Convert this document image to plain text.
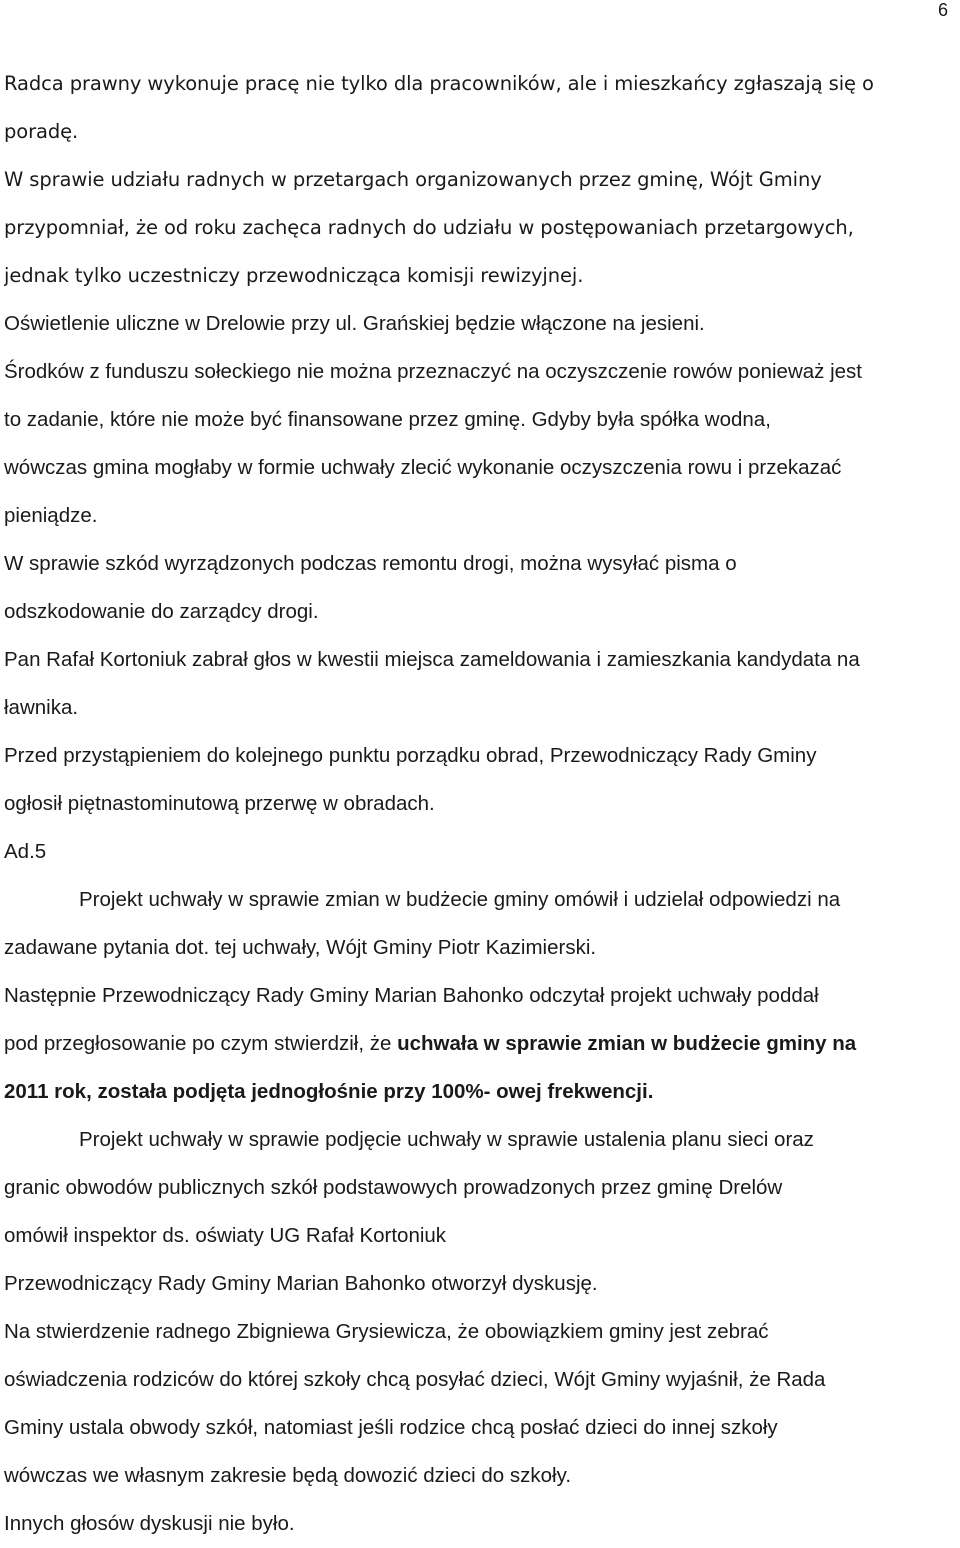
6
Radca prawny wykonuje pracę nie tylko dla pracowników, ale i mieszkańcy zgłaszają się o
poradę.
W sprawie udziału radnych w przetargach organizowanych przez gminę, Wójt Gminy
przypomniał, że od roku zachęca radnych do udziału w postępowaniach przetargowych,
jednak tylko uczestniczy przewodnicząca komisji rewizyjnej.
Oświetlenie uliczne w Drelowie przy ul. Grańskiej będzie włączone na jesieni.
Środków z funduszu sołeckiego nie można przeznaczyć na oczyszczenie rowów ponieważ jest
to zadanie, które nie może być finansowane przez gminę. Gdyby była spółka wodna,
wówczas gmina mogłaby w formie uchwały zlecić wykonanie oczyszczenia rowu i przekazać
pieniądze.
W sprawie szkód wyrządzonych podczas remontu drogi, można wysyłać pisma o
odszkodowanie do zarządcy drogi.
Pan Rafał Kortoniuk zabrał głos w kwestii miejsca zameldowania i zamieszkania kandydata na
ławnika.
Przed przystąpieniem do kolejnego punktu porządku obrad, Przewodniczący Rady Gminy
ogłosił piętnastominutową przerwę w obradach.
Ad.5
Projekt uchwały w sprawie zmian w budżecie gminy omówił i udzielał odpowiedzi na
zadawane pytania dot. tej uchwały, Wójt Gminy Piotr Kazimierski.
Następnie Przewodniczący Rady Gminy Marian Bahonko odczytał projekt uchwały poddał
pod przegłosowanie po czym stwierdził, że uchwała w sprawie zmian w budżecie gminy na
2011 rok, została podjęta jednogłośnie przy 100%- owej frekwencji.
Projekt uchwały w sprawie podjęcie uchwały w sprawie ustalenia planu sieci oraz
granic obwodów publicznych szkół podstawowych prowadzonych przez gminę Drelów
omówił inspektor ds. oświaty UG Rafał Kortoniuk
Przewodniczący Rady Gminy Marian Bahonko otworzył dyskusję.
Na stwierdzenie radnego Zbigniewa Grysiewicza, że obowiązkiem gminy jest zebrać
oświadczenia rodziców do której szkoły chcą posyłać dzieci, Wójt Gminy wyjaśnił, że Rada
Gminy ustala obwody szkół, natomiast jeśli rodzice chcą posłać dzieci do innej szkoły
wówczas we własnym zakresie będą dowozić dzieci do szkoły.
Innych głosów dyskusji nie było.
